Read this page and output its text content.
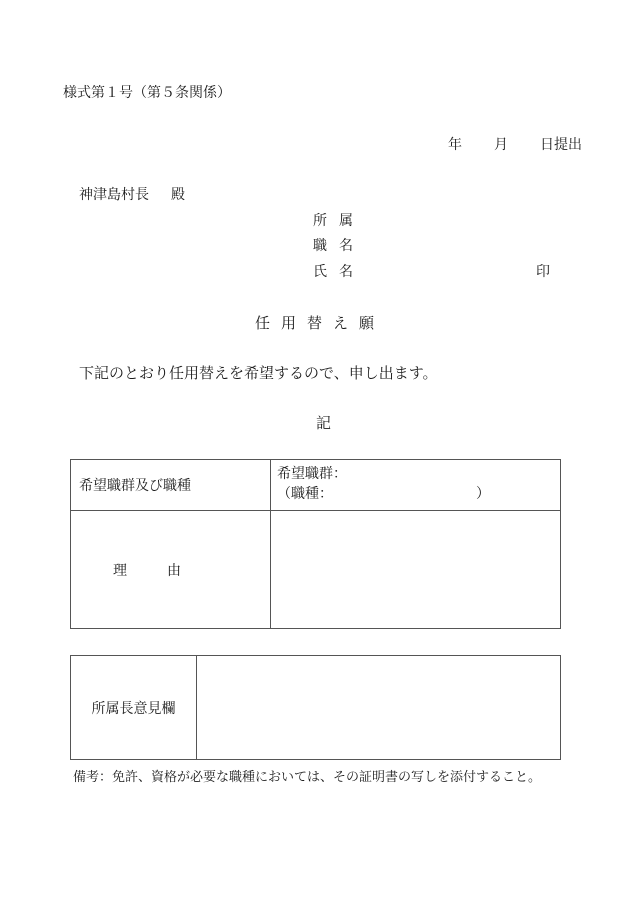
様式第１号（第５条関係）
年 月 日提出
神津島村長 殿
所属
職名
氏名	印
任用替え願
下記のとおり任用替えを希望するので、申し出ます。
記
希望職群及び職種	希望職群：
（職種： ）

理 由	
所属長意見欄	
備考：免許、資格が必要な職種においては、その証明書の写しを添付すること。
